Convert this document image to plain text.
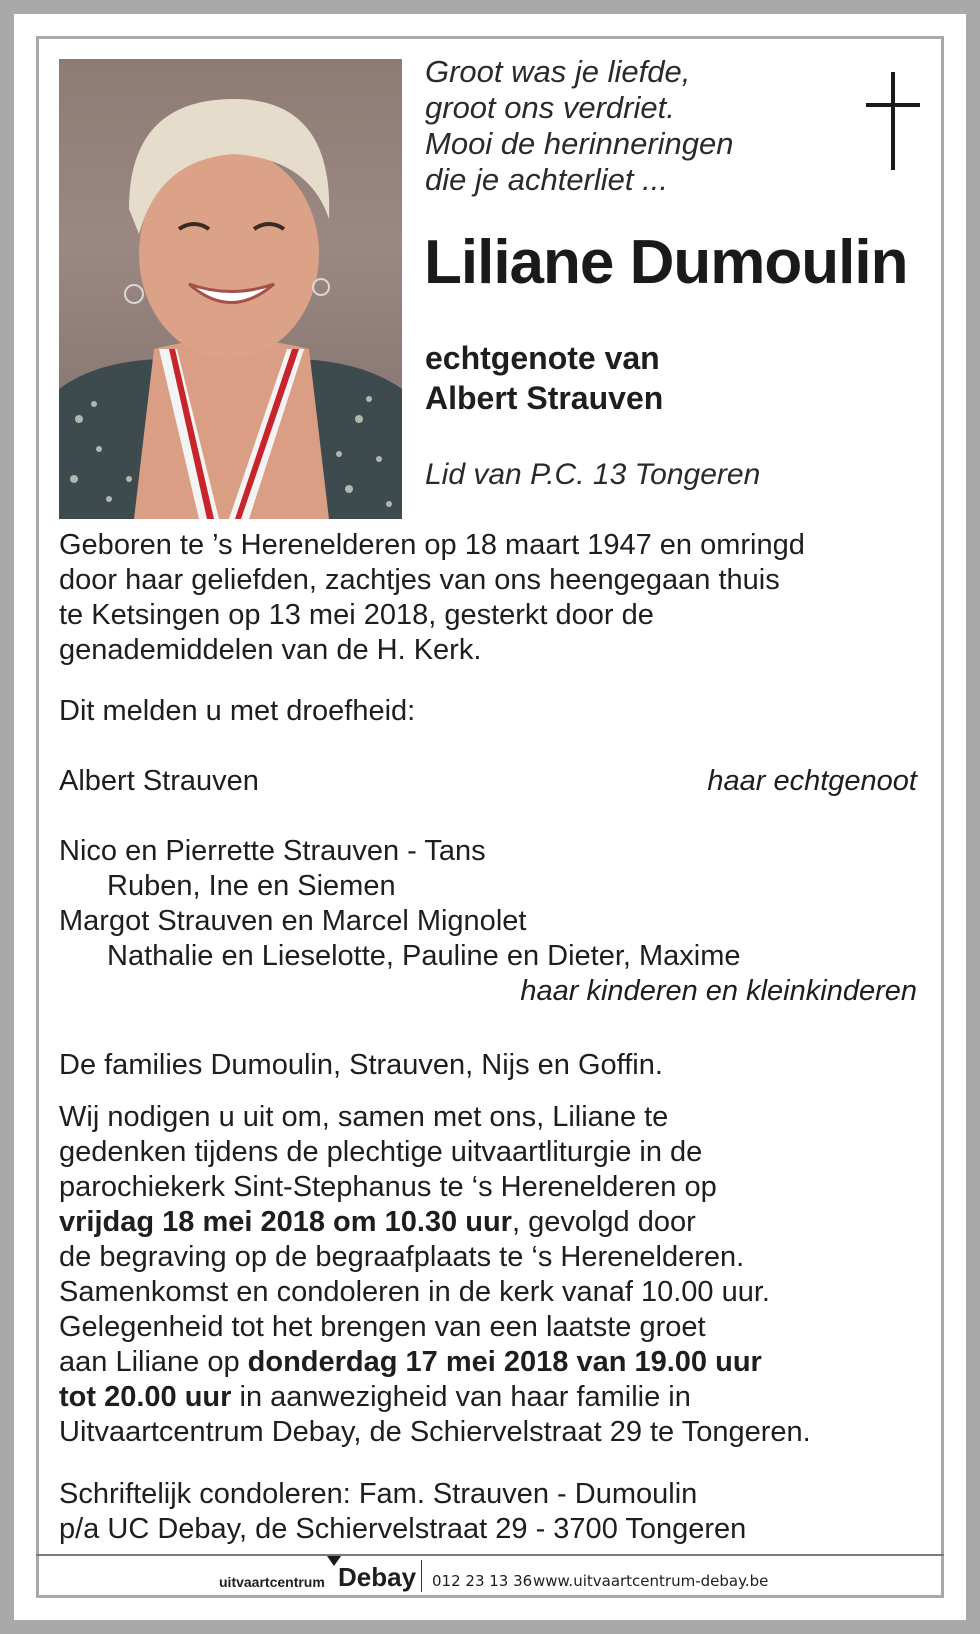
Groot was je liefde,
groot ons verdriet.
Mooi de herinneringen
die je achterliet ...
Liliane Dumoulin
echtgenote van
Albert Strauven
Lid van P.C. 13 Tongeren
Geboren te ’s Herenelderen op 18 maart 1947 en omringd
door haar geliefden, zachtjes van ons heengegaan thuis
te Ketsingen op 13 mei 2018, gesterkt door de
genademiddelen van de H. Kerk.
Dit melden u met droefheid:
Albert Strauven	haar echtgenoot
Nico en Pierrette Strauven - Tans
Ruben, Ine en Siemen
Margot Strauven en Marcel Mignolet
Nathalie en Lieselotte, Pauline en Dieter, Maxime
haar kinderen en kleinkinderen
De families Dumoulin, Strauven, Nijs en Goffin.
Wij nodigen u uit om, samen met ons, Liliane te
gedenken tijdens de plechtige uitvaartliturgie in de
parochiekerk Sint-Stephanus te ‘s Herenelderen op
vrijdag 18 mei 2018 om 10.30 uur, gevolgd door
de begraving op de begraafplaats te ‘s Herenelderen.
Samenkomst en condoleren in de kerk vanaf 10.00 uur.
Gelegenheid tot het brengen van een laatste groet
aan Liliane op donderdag 17 mei 2018 van 19.00 uur
tot 20.00 uur in aanwezigheid van haar familie in
Uitvaartcentrum Debay, de Schiervelstraat 29 te Tongeren.
Schriftelijk condoleren: Fam. Strauven - Dumoulin
p/a UC Debay, de Schiervelstraat 29 - 3700 Tongeren
uitvaartcentrum Debay 012 23 13 36 www.uitvaartcentrum-debay.be
